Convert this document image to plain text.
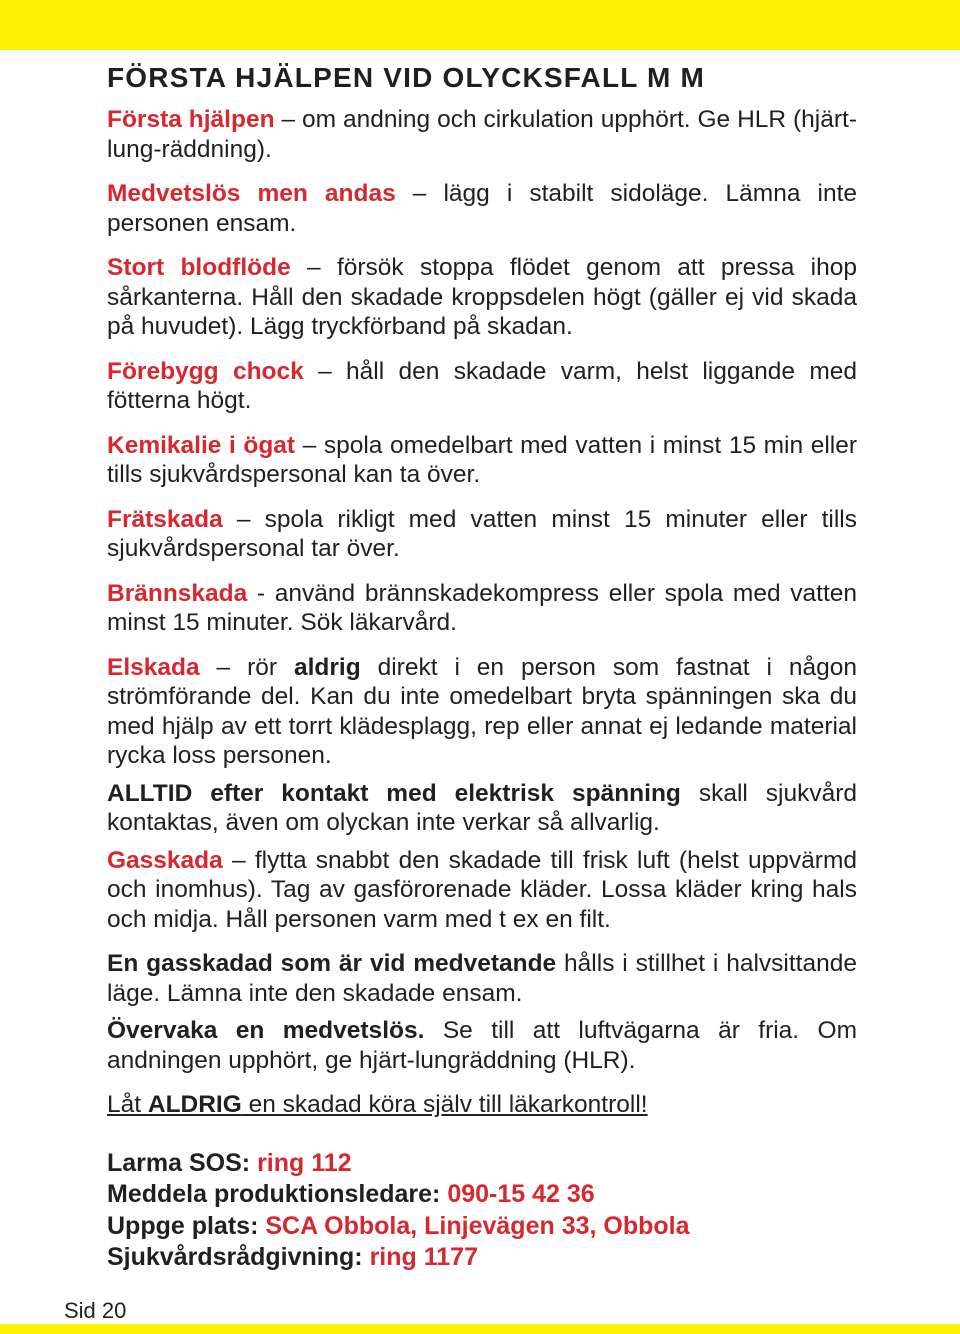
FÖRSTA HJÄLPEN VID OLYCKSFALL M M

Första hjälpen – om andning och cirkulation upphört. Ge HLR (hjärt-lung-räddning).

Medvetslös men andas – lägg i stabilt sidoläge. Lämna inte personen ensam.

Stort blodflöde – försök stoppa flödet genom att pressa ihop sårkanterna. Håll den skadade kroppsdelen högt (gäller ej vid skada på huvudet). Lägg tryckförband på skadan.

Förebygg chock – håll den skadade varm, helst liggande med fötterna högt.

Kemikalie i ögat – spola omedelbart med vatten i minst 15 min eller tills sjukvårdspersonal kan ta över.

Frätskada – spola rikligt med vatten minst 15 minuter eller tills sjukvårdspersonal tar över.

Brännskada - använd brännskadekompress eller spola med vatten minst 15 minuter. Sök läkarvård.

Elskada – rör aldrig direkt i en person som fastnat i någon strömförande del. Kan du inte omedelbart bryta spänningen ska du med hjälp av ett torrt klädesplagg, rep eller annat ej ledande material rycka loss personen.

ALLTID efter kontakt med elektrisk spänning skall sjukvård kontaktas, även om olyckan inte verkar så allvarlig.

Gasskada – flytta snabbt den skadade till frisk luft (helst uppvärmd och inomhus). Tag av gasförorenade kläder. Lossa kläder kring hals och midja. Håll personen varm med t ex en filt.

En gasskadad som är vid medvetande hålls i stillhet i halvsittande läge. Lämna inte den skadade ensam.

Övervaka en medvetslös. Se till att luftvägarna är fria. Om andningen upphört, ge hjärt-lungräddning (HLR).

Låt ALDRIG en skadad köra själv till läkarkontroll!

Larma SOS: ring 112
Meddela produktionsledare: 090-15 42 36
Uppge plats: SCA Obbola, Linjevägen 33, Obbola
Sjukvårdsrådgivning: ring 1177
Sid 20
